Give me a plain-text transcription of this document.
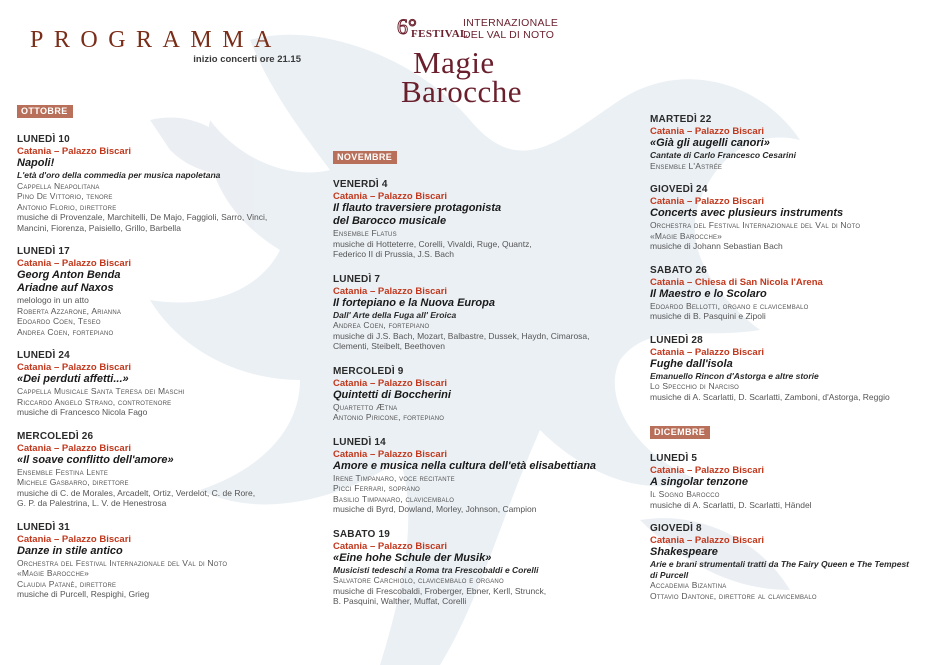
PROGRAMMA
inizio concerti ore 21.15
6°
FESTIVAL
INTERNAZIONALE
DEL VAL DI NOTO
Magie
Barocche
OTTOBRE
LUNEDÌ 10
Catania – Palazzo Biscari
Napoli!
L'età d'oro della commedia per musica napoletana
Cappella Neapolitana
Pino De Vittorio, tenore
Antonio Florio, direttore
musiche di Provenzale, Marchitelli, De Majo, Faggioli, Sarro, Vinci,
Mancini, Fiorenza, Paisiello, Grillo, Barbella
LUNEDÌ 17
Catania – Palazzo Biscari
Georg Anton Benda
Ariadne auf Naxos
melologo in un atto
Roberta Azzarone, Arianna
Edoardo Coen, Teseo
Andrea Coen, fortepiano
LUNEDÌ 24
Catania – Palazzo Biscari
«Dei perduti affetti...»
Cappella Musicale Santa Teresa dei Maschi
Riccardo Angelo Strano, controtenore
musiche di Francesco Nicola Fago
MERCOLEDÌ 26
Catania – Palazzo Biscari
«Il soave conflitto dell'amore»
Ensemble Festina Lente
Michele Gasbarro, direttore
musiche di C. de Morales, Arcadelt, Ortiz, Verdelot, C. de Rore,
G. P. da Palestrina, L. V. de Henestrosa
LUNEDÌ 31
Catania – Palazzo Biscari
Danze in stile antico
Orchestra del Festival Internazionale del Val di Noto
«Magie Barocche»
Claudia Patanè, direttore
musiche di Purcell, Respighi, Grieg
NOVEMBRE
VENERDÌ 4
Catania – Palazzo Biscari
Il flauto traversiere protagonista
del Barocco musicale
Ensemble Flatus
musiche di Hotteterre, Corelli, Vivaldi, Ruge, Quantz,
Federico II di Prussia, J.S. Bach
LUNEDÌ 7
Catania – Palazzo Biscari
Il fortepiano e la Nuova Europa
Dall' Arte della Fuga all' Eroica
Andrea Coen, fortepiano
musiche di J.S. Bach, Mozart, Balbastre, Dussek, Haydn, Cimarosa,
Clementi, Steibelt, Beethoven
MERCOLEDÌ 9
Catania – Palazzo Biscari
Quintetti di Boccherini
Quartetto Ætna
Antonio Piricone, fortepiano
LUNEDÌ 14
Catania – Palazzo Biscari
Amore e musica nella cultura dell'età elisabettiana
Irene Timpanaro, voce recitante
Picci Ferrari, soprano
Basilio Timpanaro, clavicembalo
musiche di Byrd, Dowland, Morley, Johnson, Campion
SABATO 19
Catania – Palazzo Biscari
«Eine hohe Schule der Musik»
Musicisti tedeschi a Roma tra Frescobaldi e Corelli
Salvatore Carchiolo, clavicembalo e organo
musiche di Frescobaldi, Froberger, Ebner, Kerll, Strunck,
B. Pasquini, Walther, Muffat, Corelli
MARTEDÌ 22
Catania – Palazzo Biscari
«Già gli augelli canori»
Cantate di Carlo Francesco Cesarini
Ensemble L'Astrée
GIOVEDÌ 24
Catania – Palazzo Biscari
Concerts avec plusieurs instruments
Orchestra del Festival Internazionale del Val di Noto
«Magie Barocche»
musiche di Johann Sebastian Bach
SABATO 26
Catania – Chiesa di San Nicola l'Arena
Il Maestro e lo Scolaro
Edoardo Bellotti, organo e clavicembalo
musiche di B. Pasquini e Zipoli
LUNEDÌ 28
Catania – Palazzo Biscari
Fughe dall'isola
Emanuello Rincon d'Astorga e altre storie
Lo Specchio di Narciso
musiche di A. Scarlatti, D. Scarlatti, Zamboni, d'Astorga, Reggio
DICEMBRE
LUNEDÌ 5
Catania – Palazzo Biscari
A singolar tenzone
Il Sogno Barocco
musiche di A. Scarlatti, D. Scarlatti, Händel
GIOVEDÌ 8
Catania – Palazzo Biscari
Shakespeare
Arie e brani strumentali tratti da The Fairy Queen e The Tempest
di Purcell
Accademia Bizantina
Ottavio Dantone, direttore al clavicembalo
